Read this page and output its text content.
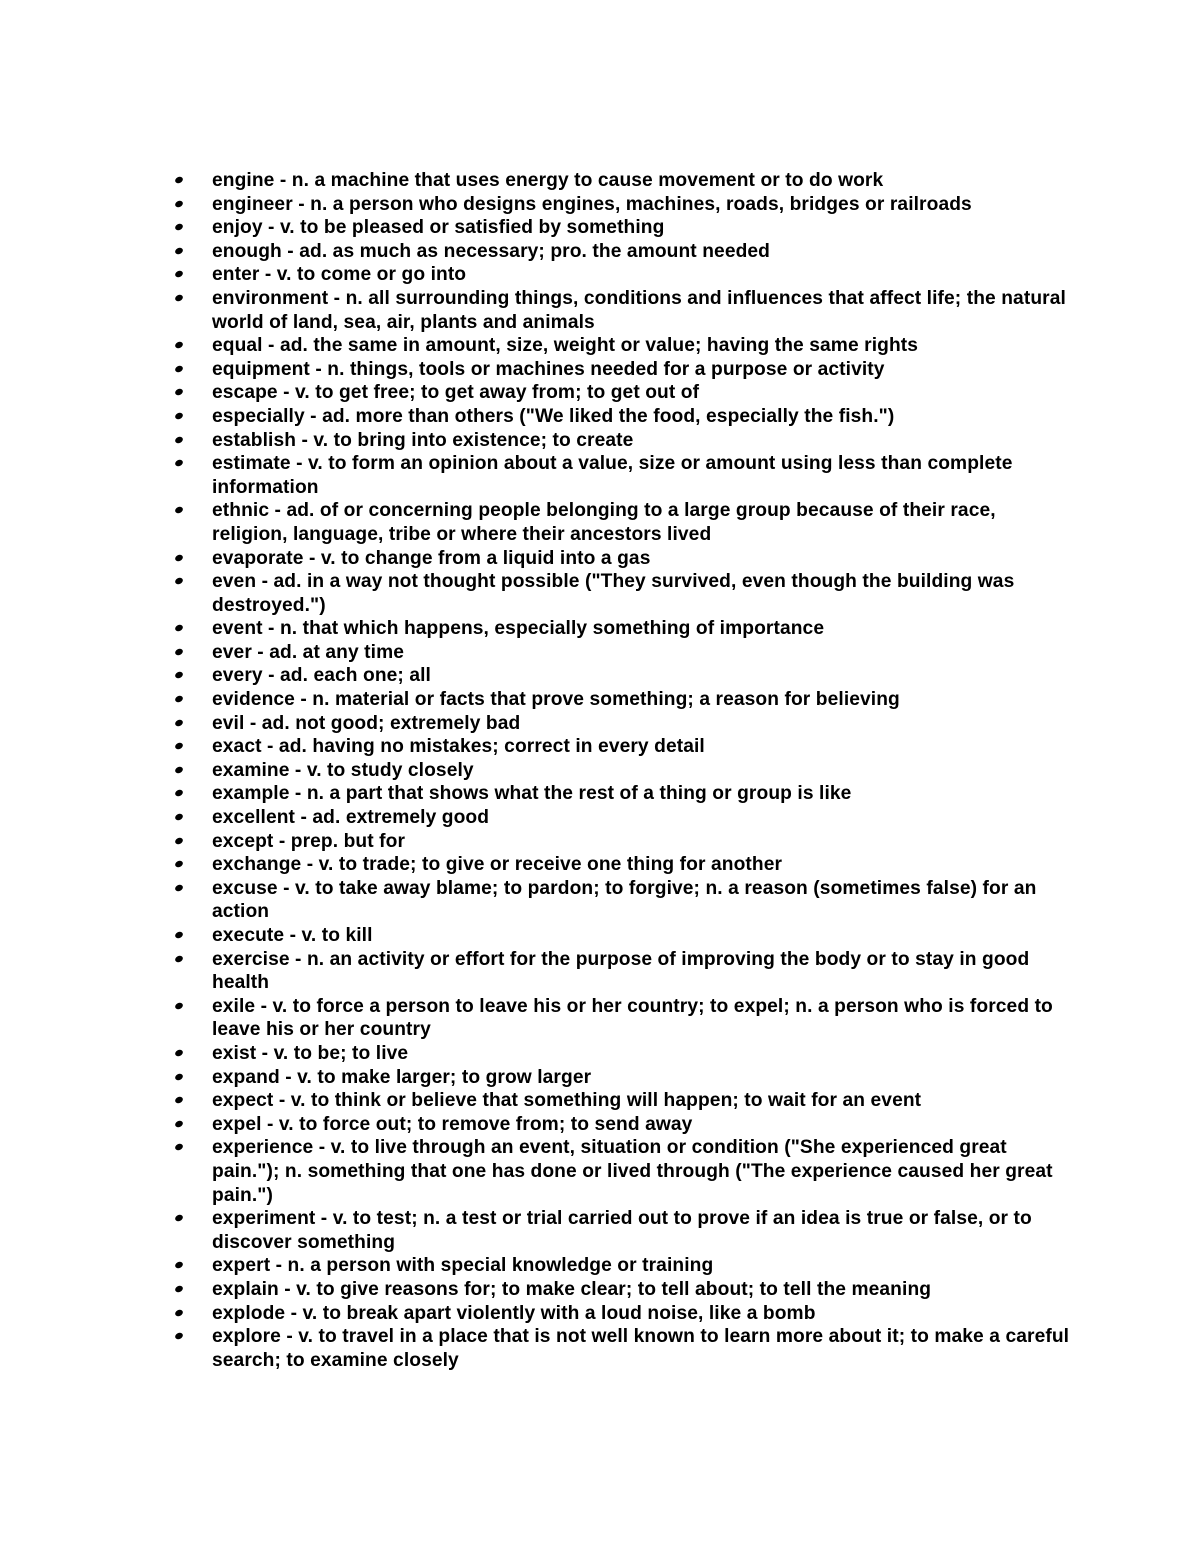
engine - n. a machine that uses energy to cause movement or to do work
engineer - n. a person who designs engines, machines, roads, bridges or railroads
enjoy - v. to be pleased or satisfied by something
enough - ad. as much as necessary; pro. the amount needed
enter - v. to come or go into
environment - n. all surrounding things, conditions and influences that affect life; the natural world of land, sea, air, plants and animals
equal - ad. the same in amount, size, weight or value; having the same rights
equipment - n. things, tools or machines needed for a purpose or activity
escape - v. to get free; to get away from; to get out of
especially - ad. more than others ("We liked the food, especially the fish.")
establish - v. to bring into existence; to create
estimate - v. to form an opinion about a value, size or amount using less than complete information
ethnic - ad. of or concerning people belonging to a large group because of their race, religion, language, tribe or where their ancestors lived
evaporate - v. to change from a liquid into a gas
even - ad. in a way not thought possible ("They survived, even though the building was destroyed.")
event - n. that which happens, especially something of importance
ever - ad. at any time
every - ad. each one; all
evidence - n. material or facts that prove something; a reason for believing
evil - ad. not good; extremely bad
exact - ad. having no mistakes; correct in every detail
examine - v. to study closely
example - n. a part that shows what the rest of a thing or group is like
excellent - ad. extremely good
except - prep. but for
exchange - v. to trade; to give or receive one thing for another
excuse - v. to take away blame; to pardon; to forgive; n. a reason (sometimes false) for an action
execute - v. to kill
exercise - n. an activity or effort for the purpose of improving the body or to stay in good health
exile - v. to force a person to leave his or her country; to expel; n. a person who is forced to leave his or her country
exist - v. to be; to live
expand - v. to make larger; to grow larger
expect - v. to think or believe that something will happen; to wait for an event
expel - v. to force out; to remove from; to send away
experience - v. to live through an event, situation or condition ("She experienced great pain."); n. something that one has done or lived through ("The experience caused her great pain.")
experiment - v. to test; n. a test or trial carried out to prove if an idea is true or false, or to discover something
expert - n. a person with special knowledge or training
explain - v. to give reasons for; to make clear; to tell about; to tell the meaning
explode - v. to break apart violently with a loud noise, like a bomb
explore - v. to travel in a place that is not well known to learn more about it; to make a careful search; to examine closely
